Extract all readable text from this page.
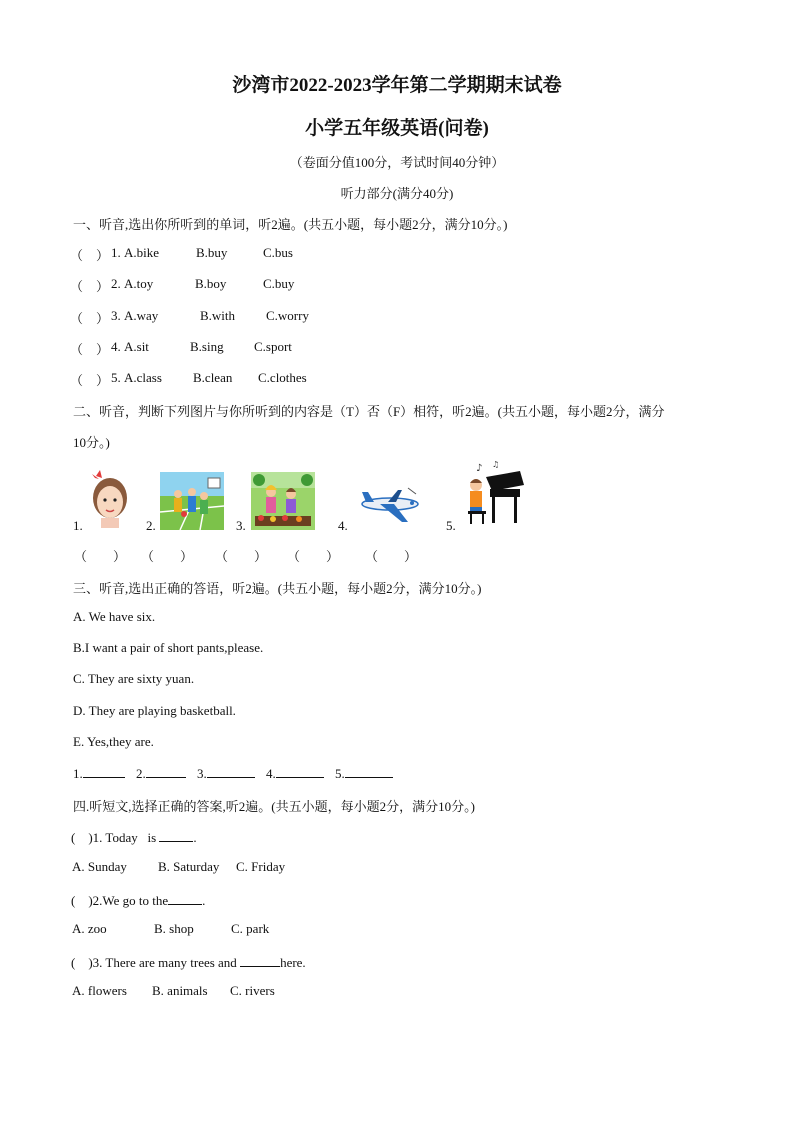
沙湾市2022-2023学年第二学期期末试卷
小学五年级英语(问卷)
（卷面分值100分，考试时间40分钟）
听力部分(满分40分)
一、听音,选出你所听到的单词，听2遍。(共五小题，每小题2分，满分10分。)
（　） 1. A.bike	B.buy	C.bus
（　） 2. A.toy	B.boy	C.buy
（　） 3. A.way	B.with C.worry
（　） 4. A.sit	B.sing C.sport
（　） 5. A.class B.clean C.clothes
二、听音，判断下列图片与你所听到的内容是（T）否（F）相符，听2遍。(共五小题，每小题2分，满分
10分。)
1.	2.	3.	4.	5.
♪ ♫
（　　） （　　） （　　） （　　） （　　）
三、听音,选出正确的答语，听2遍。(共五小题，每小题2分，满分10分。)
A. We have six.
B.I want a pair of short pants,please.
C. They are sixty yuan.
D. They are playing basketball.
E. Yes,they are.
1.	2.	3.	4.	5.
四.听短文,选择正确的答案,听2遍。(共五小题，每小题2分，满分10分。)
(　)1. Today   is	.
A. Sunday B. Saturday C. Friday
(　)2.We go to the	.
A. zoo	B. shop	C. park
(　)3. There are many trees and	here.
A. flowers B. animals C. rivers
